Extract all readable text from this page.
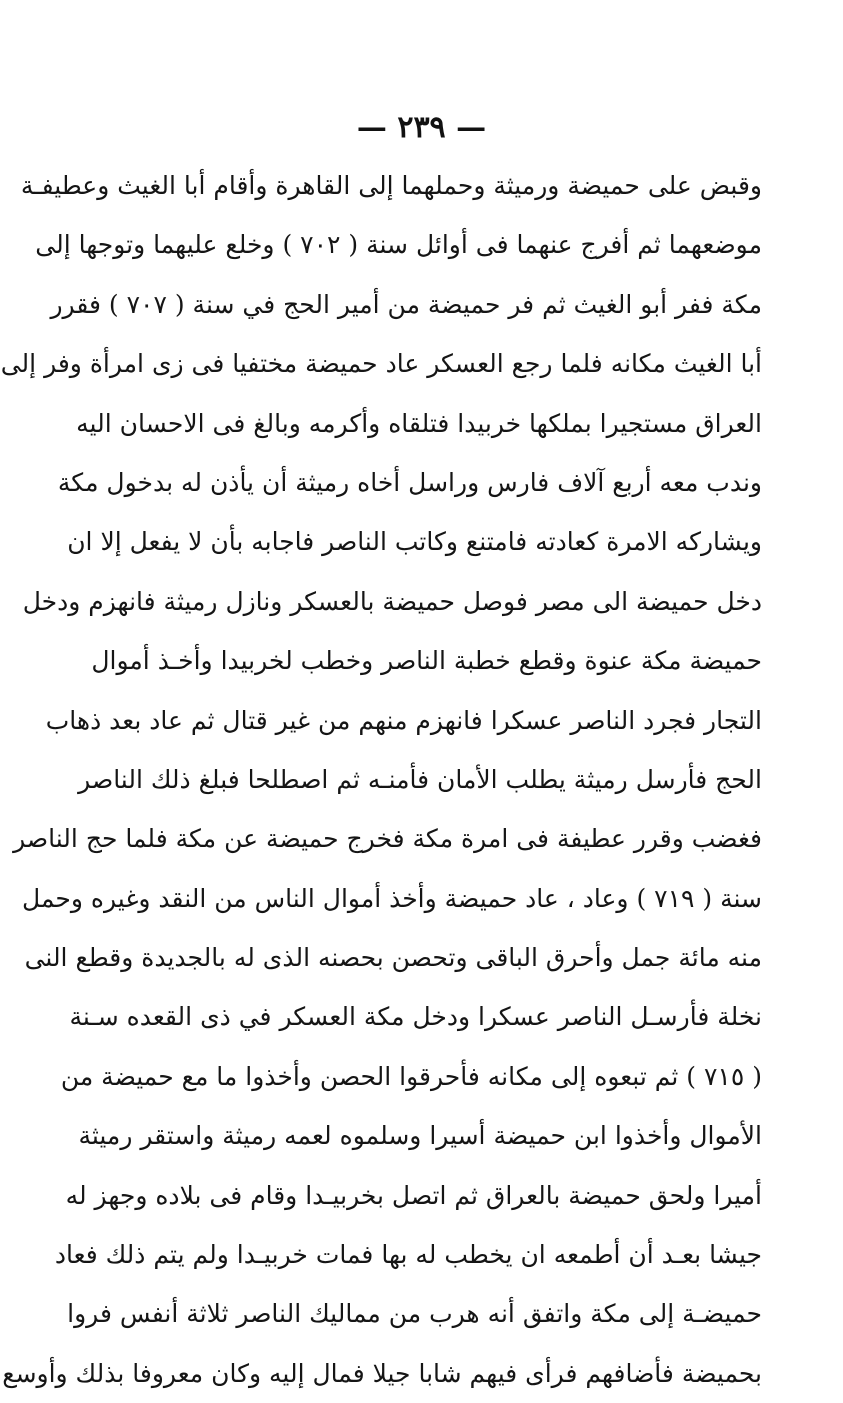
— ٢٣٩ —
وقبض على حميضة ورميثة وحملهما إلى القاهرة وأقام أبا الغيث وعطيفـة
موضعهما ثم أفرج عنهما فى أوائل سنة ( ٧٠٢ ) وخلع عليهما وتوجها إلى
مكة ففر أبو الغيث ثم فر حميضة من أمير الحج في سنة ( ٧٠٧ ) فقرر
أبا الغيث مكانه فلما رجع العسكر عاد حميضة مختفيا فى زى امرأة وفر إلى
العراق مستجيرا بملكها خربيدا فتلقاه وأكرمه وبالغ فى الاحسان اليه
وندب معه أربع آلاف فارس وراسل أخاه رميثة أن يأذن له بدخول مكة
ويشاركه الامرة كعادته فامتنع وكاتب الناصر فاجابه بأن لا يفعل إلا ان
دخل حميضة الى مصر فوصل حميضة بالعسكر ونازل رميثة فانهزم ودخل
حميضة مكة عنوة وقطع خطبة الناصر وخطب لخربيدا وأخـذ أموال
التجار فجرد الناصر عسكرا فانهزم منهم من غير قتال ثم عاد بعد ذهاب
الحج فأرسل رميثة يطلب الأمان فأمنـه ثم اصطلحا فبلغ ذلك الناصر
فغضب وقرر عطيفة فى امرة مكة فخرج حميضة عن مكة فلما حج الناصر
سنة ( ٧١٩ ) وعاد ، عاد حميضة وأخذ أموال الناس من النقد وغيره وحمل
منه مائة جمل وأحرق الباقى وتحصن بحصنه الذى له بالجديدة وقطع النى
نخلة فأرسـل الناصر عسكرا ودخل مكة العسكر في ذى القعده سـنة
( ٧١٥ ) ثم تبعوه إلى مكانه فأحرقوا الحصن وأخذوا ما مع حميضة من
الأموال وأخذوا ابن حميضة أسيرا وسلموه لعمه رميثة واستقر رميثة
أميرا ولحق حميضة بالعراق ثم اتصل بخربيـدا وقام فى بلاده وجهز له
جيشا بعـد أن أطمعه ان يخطب له بها فمات خربيـدا ولم يتم ذلك فعاد
حميضـة إلى مكة واتفق أنه هرب من مماليك الناصر ثلاثة أنفس فروا
بحميضة فأضافهم فرأى فيهم شابا جيلا فمال إليه وكان معروفا بذلك وأوسع
